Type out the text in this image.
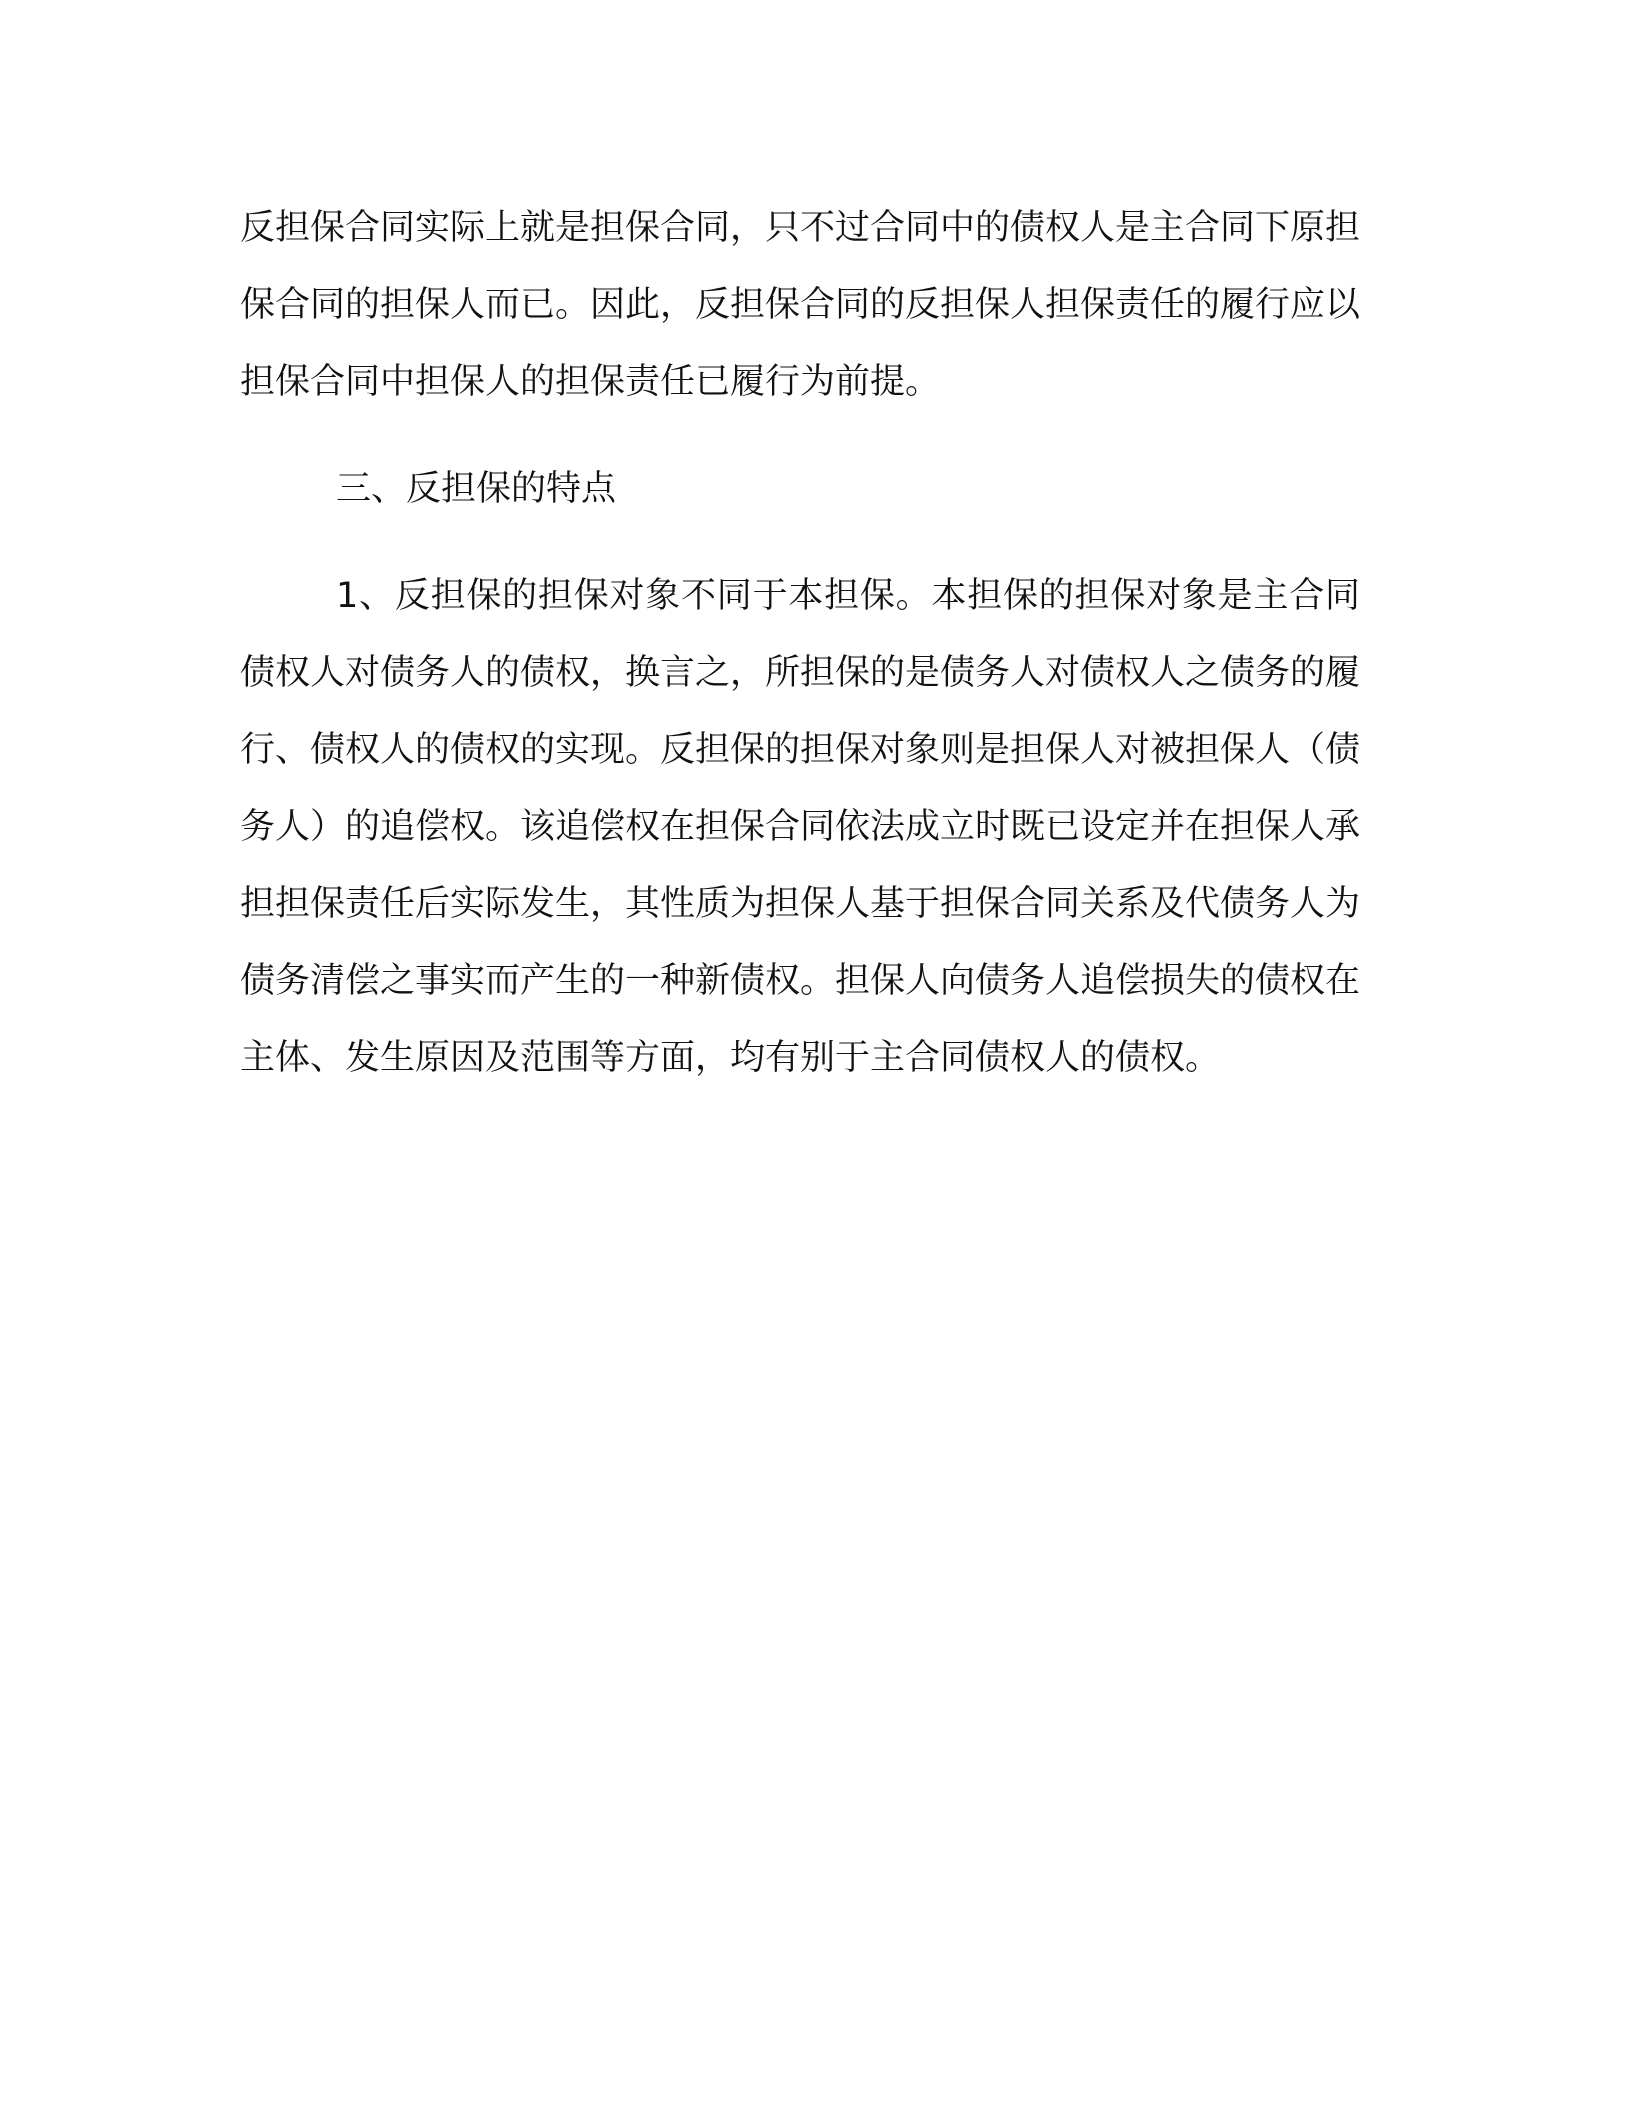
反担保合同实际上就是担保合同，只不过合同中的债权人是主合同下原担保合同的担保人而已。因此，反担保合同的反担保人担保责任的履行应以担保合同中担保人的担保责任已履行为前提。

三、反担保的特点

1、反担保的担保对象不同于本担保。本担保的担保对象是主合同债权人对债务人的债权，换言之，所担保的是债务人对债权人之债务的履行、债权人的债权的实现。反担保的担保对象则是担保人对被担保人（债务人）的追偿权。该追偿权在担保合同依法成立时既已设定并在担保人承担担保责任后实际发生，其性质为担保人基于担保合同关系及代债务人为债务清偿之事实而产生的一种新债权。担保人向债务人追偿损失的债权在主体、发生原因及范围等方面，均有别于主合同债权人的债权。
